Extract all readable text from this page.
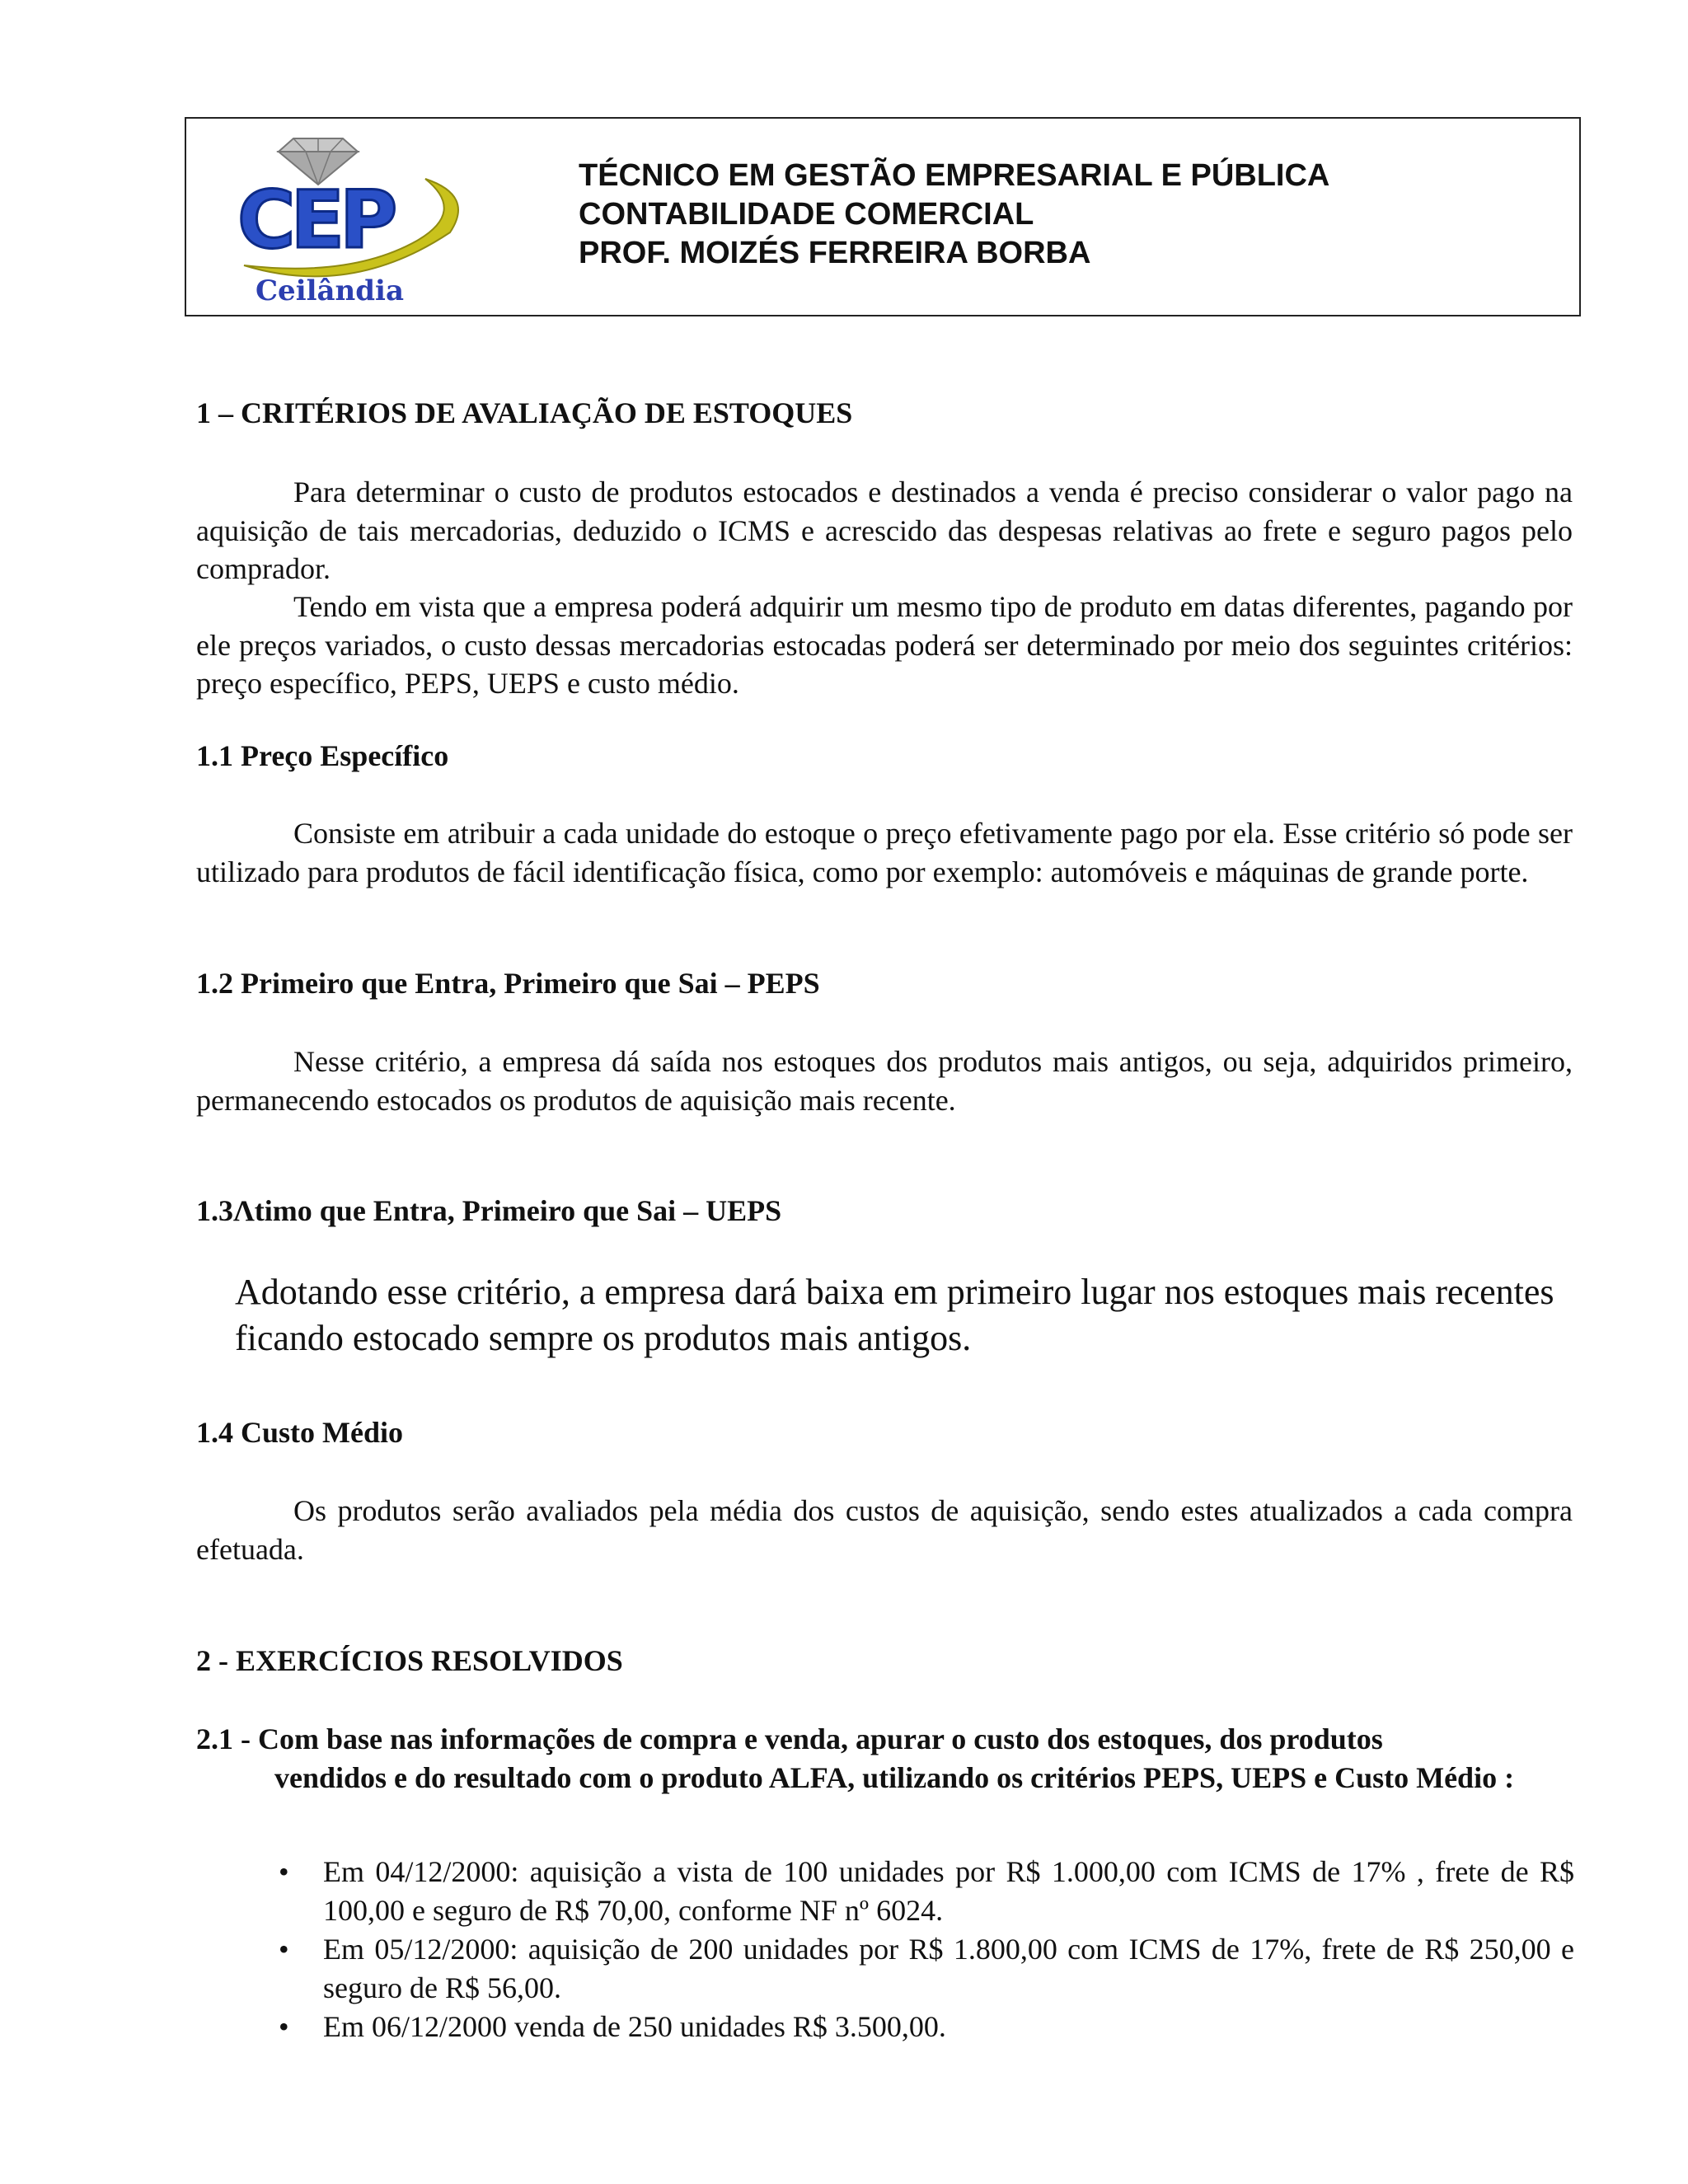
CEP
Ceilândia
TÉCNICO EM GESTÃO EMPRESARIAL E PÚBLICA
CONTABILIDADE COMERCIAL
PROF. MOIZÉS FERREIRA BORBA
1 – CRITÉRIOS DE AVALIAÇÃO DE ESTOQUES

Para determinar o custo de produtos estocados e destinados a venda é preciso considerar o valor pago na aquisição de tais mercadorias, deduzido o ICMS e acrescido das despesas relativas ao frete e seguro pagos pelo comprador.

Tendo em vista que a empresa poderá adquirir um mesmo tipo de produto em datas diferentes, pagando por ele preços variados, o custo dessas mercadorias estocadas poderá ser determinado por meio dos seguintes critérios: preço específico, PEPS, UEPS e custo médio.

1.1 Preço Específico

Consiste em atribuir a cada unidade do estoque o preço efetivamente pago por ela. Esse critério só pode ser utilizado para produtos de fácil identificação física, como por exemplo: automóveis e máquinas de grande porte.

1.2 Primeiro que Entra, Primeiro que Sai – PEPS

Nesse critério, a empresa dá saída nos estoques dos produtos mais antigos, ou seja, adquiridos primeiro, permanecendo estocados os produtos de aquisição mais recente.

1.3Λtimo que Entra, Primeiro que Sai – UEPS

Adotando esse critério, a empresa dará baixa em primeiro lugar nos estoques mais recentes ficando estocado sempre os produtos mais antigos.

1.4 Custo Médio

Os produtos serão avaliados pela média dos custos de aquisição, sendo estes atualizados a cada compra efetuada.

2 - EXERCÍCIOS RESOLVIDOS
2.1 - Com base nas informações de compra e venda, apurar o custo dos estoques, dos produtos
vendidos e do resultado com o produto ALFA, utilizando os critérios PEPS, UEPS e Custo Médio :
• Em 04/12/2000: aquisição a vista de 100 unidades por R$ 1.000,00 com ICMS de 17% , frete de R$ 100,00 e seguro de R$ 70,00, conforme NF nº 6024.
• Em 05/12/2000: aquisição de 200 unidades por R$ 1.800,00 com ICMS de 17%, frete de R$ 250,00 e seguro de R$ 56,00.
• Em 06/12/2000 venda de 250 unidades R$ 3.500,00.
